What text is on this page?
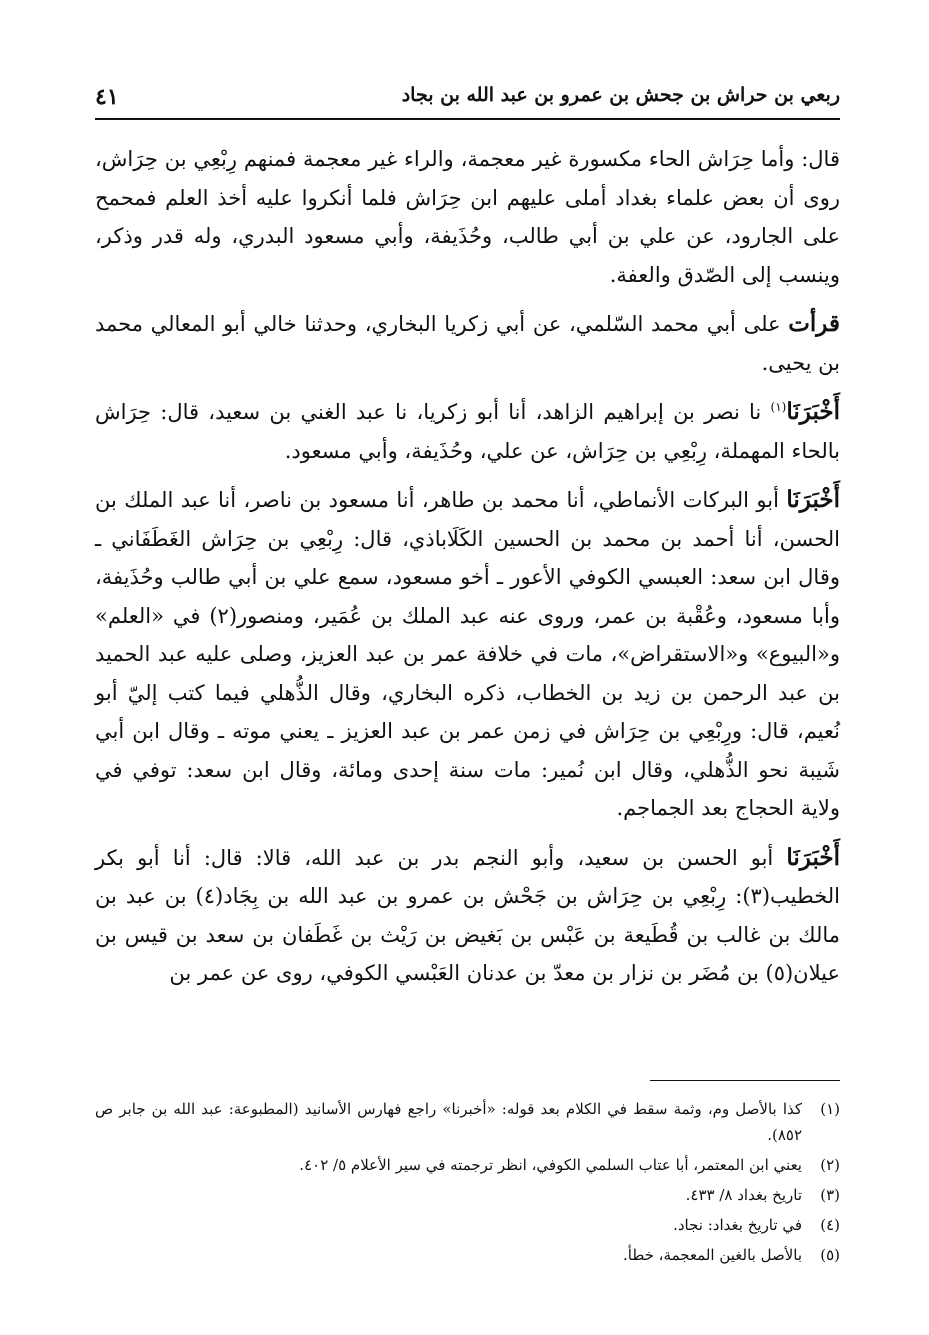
ربعي بن حراش بن جحش بن عمرو بن عبد الله بن بجاد
٤١

قال: وأما حِرَاش الحاء مكسورة غير معجمة، والراء غير معجمة فمنهم رِبْعِي بن حِرَاش، روى أن بعض علماء بغداد أملى عليهم ابن حِرَاش فلما أنكروا عليه أخذ العلم فمحمح على الجارود، عن علي بن أبي طالب، وحُذَيفة، وأبي مسعود البدري، وله قدر وذكر، وينسب إلى الصّدق والعفة.

قرأت على أبي محمد السّلمي، عن أبي زكريا البخاري، وحدثنا خالي أبو المعالي محمد بن يحيى.

أَخْبَرَنَا$^{(١)}$ نا نصر بن إبراهيم الزاهد، أنا أبو زكريا، نا عبد الغني بن سعيد، قال: حِرَاش بالحاء المهملة، رِبْعِي بن حِرَاش، عن علي، وحُذَيفة، وأبي مسعود.

أَخْبَرَنَا أبو البركات الأنماطي، أنا محمد بن طاهر، أنا مسعود بن ناصر، أنا عبد الملك بن الحسن، أنا أحمد بن محمد بن الحسين الكَلَاباذي، قال: رِبْعِي بن حِرَاش الغَطَفَاني ـ وقال ابن سعد: العبسي الكوفي الأعور ـ أخو مسعود، سمع علي بن أبي طالب وحُذَيفة، وأبا مسعود، وعُقْبة بن عمر، وروى عنه عبد الملك بن عُمَير، ومنصور(٢) في «العلم» و«البيوع» و«الاستقراض»، مات في خلافة عمر بن عبد العزيز، وصلى عليه عبد الحميد بن عبد الرحمن بن زيد بن الخطاب، ذكره البخاري، وقال الذُّهلي فيما كتب إليّ أبو نُعيم، قال: ورِبْعِي بن حِرَاش في زمن عمر بن عبد العزيز ـ يعني موته ـ وقال ابن أبي شَيبة نحو الذُّهلي، وقال ابن نُمير: مات سنة إحدى ومائة، وقال ابن سعد: توفي في ولاية الحجاج بعد الجماجم.

أَخْبَرَنَا أبو الحسن بن سعيد، وأبو النجم بدر بن عبد الله، قالا: قال: أنا أبو بكر الخطيب(٣): رِبْعِي بن حِرَاش بن جَحْش بن عمرو بن عبد الله بن بِجَاد(٤) بن عبد بن مالك بن غالب بن قُطَيعة بن عَبْس بن بَغيض بن رَيْث بن غَطَفان بن سعد بن قيس بن عيلان(٥) بن مُضَر بن نزار بن معدّ بن عدنان العَبْسي الكوفي، روى عن عمر بن

(١)
كذا بالأصل وم، وثمة سقط في الكلام بعد قوله: «أخبرنا» راجع فهارس الأسانيد (المطبوعة: عبد الله بن جابر ص ٨٥٢).
(٢)
يعني ابن المعتمر، أبا عتاب السلمي الكوفي، انظر ترجمته في سير الأعلام ٥/ ٤٠٢.
(٣)
تاريخ بغداد ٨/ ٤٣٣.
(٤)
في تاريخ بغداد: نجاد.
(٥)
بالأصل بالغين المعجمة، خطأ.
